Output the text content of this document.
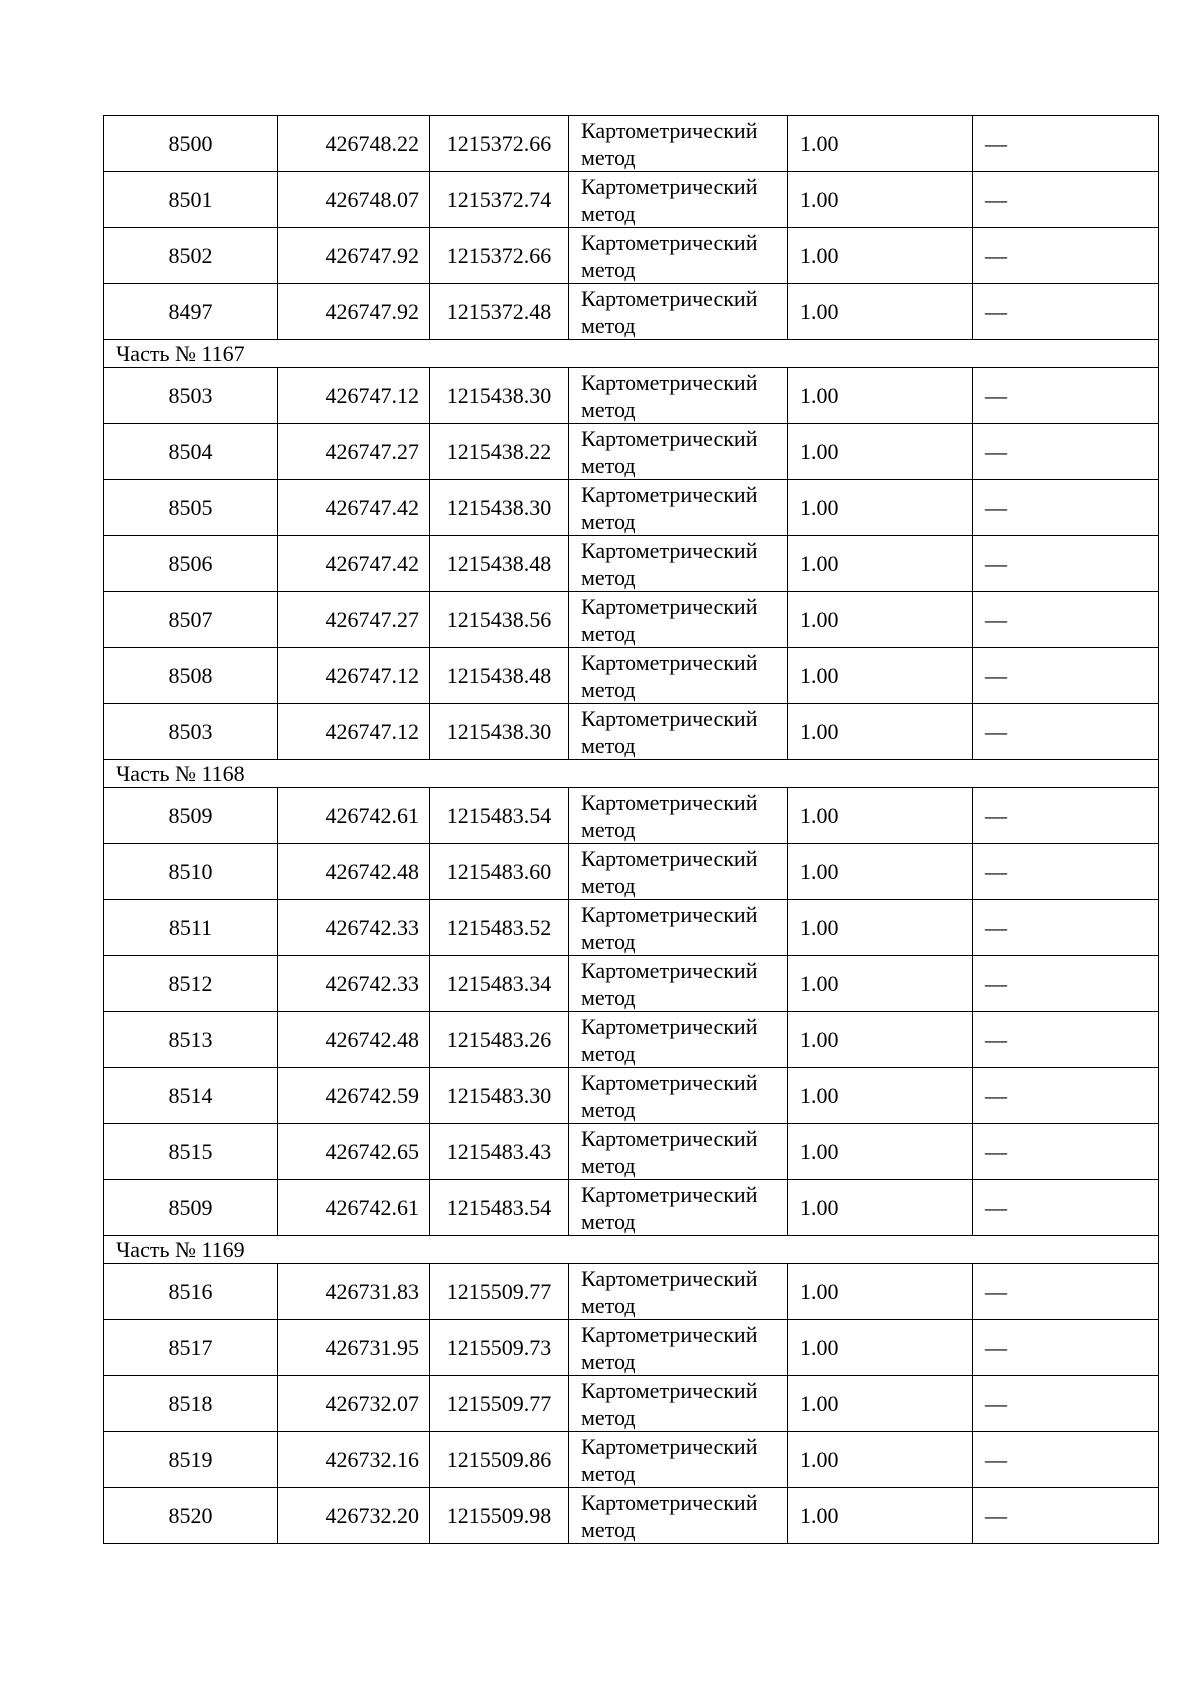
8500	426748.22	1215372.66	Картометрический
метод	1.00	—
8501	426748.07	1215372.74	Картометрический
метод	1.00	—
8502	426747.92	1215372.66	Картометрический
метод	1.00	—
8497	426747.92	1215372.48	Картометрический
метод	1.00	—
Часть № 1167					
8503	426747.12	1215438.30	Картометрический
метод	1.00	—
8504	426747.27	1215438.22	Картометрический
метод	1.00	—
8505	426747.42	1215438.30	Картометрический
метод	1.00	—
8506	426747.42	1215438.48	Картометрический
метод	1.00	—
8507	426747.27	1215438.56	Картометрический
метод	1.00	—
8508	426747.12	1215438.48	Картометрический
метод	1.00	—
8503	426747.12	1215438.30	Картометрический
метод	1.00	—
Часть № 1168					
8509	426742.61	1215483.54	Картометрический
метод	1.00	—
8510	426742.48	1215483.60	Картометрический
метод	1.00	—
8511	426742.33	1215483.52	Картометрический
метод	1.00	—
8512	426742.33	1215483.34	Картометрический
метод	1.00	—
8513	426742.48	1215483.26	Картометрический
метод	1.00	—
8514	426742.59	1215483.30	Картометрический
метод	1.00	—
8515	426742.65	1215483.43	Картометрический
метод	1.00	—
8509	426742.61	1215483.54	Картометрический
метод	1.00	—
Часть № 1169					
8516	426731.83	1215509.77	Картометрический
метод	1.00	—
8517	426731.95	1215509.73	Картометрический
метод	1.00	—
8518	426732.07	1215509.77	Картометрический
метод	1.00	—
8519	426732.16	1215509.86	Картометрический
метод	1.00	—
8520	426732.20	1215509.98	Картометрический
метод	1.00	—
